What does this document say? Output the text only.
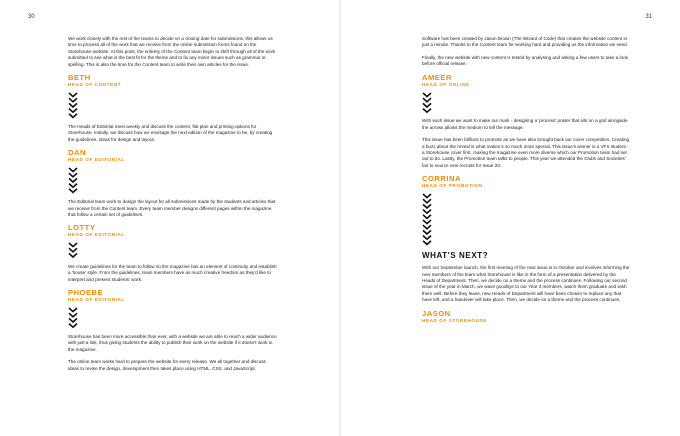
30

We work closely with the rest of the teams to decide on a closing date for submissions, this allows us time to process all of the work that we receive from the online submission forms found on the Storehouse website. At this point, the entirety of the Content team begin to shift through all of the work submitted to see what is the best fit for the theme and to fix any minor issues such as grammar or spelling. This is also the time for the Content team to write their own articles for the issue.

BETH
HEAD OF CONTENT

The Heads of Editorial meet weekly and discuss the content, flat plan and printing options for Storehouse. Initially, we discuss how we envisage the next edition of the magazine to be, by creating the guidelines, ideas for design and layout.

DAN
HEAD OF EDITORIAL

The Editorial team work to design the layout for all submissions made by the students and articles that we receive from the Content team. Every team member designs different pages within the magazine that follow a certain set of guidelines.

LOTTY
HEAD OF EDITORIAL

We create guidelines for the team to follow so the magazine has an element of continuity and establish a 'house' style. From the guidelines, team members have as much creative freedom as they'd like to interpret and present students' work.

PHOEBE
HEAD OF EDITORIAL

Storehouse has been more accessible than ever, with a website we are able to reach a wider audience with just a link, thus giving students the ability to publish their work on the website if it doesn't work in the magazine.

The online team works hard to prepare the website for every release. We all together and discuss ideas to revise the design, development then takes place using HTML, CSS, and JavaScript.

31

Software has been created by Jason Brown (The Wizard of Code) that creates the website content in just a minute. Thanks to the Content team for working hard and providing us the information we need.

Finally, the new website with new content is tested by analysing and asking a few users to take a look before official release.

AMEER
HEAD OF ONLINE

With each issue we want to make our mark - designing a 'process' poster that sits on a grid alongside the arrows allows the medium to tell the message.

This issue has been brilliant to promote as we have also brought back our cover competition. Creating a buzz about the reveal is what makes it so much more special. This issue's winner is a VFX student - a Storehouse cover first, making the magazine even more diverse which our Promotion team had set out to do. Lastly, the Promotion team talks to people. This year we attended the Clubs and Societies' fair to source new recruits for Issue 20.

CORRINA
HEAD OF PROMOTION
WHAT'S NEXT?

With our September launch, the first meeting of the next issue is in October and involves informing the new members of the team what Storehouse is like in the form of a presentation delivered by the Heads of Department. Then, we decide on a theme and the process continues. Following our second issue of the year in March, we wave goodbye to our Year 3 members, watch them graduate and wish them well. Before they leave, new Heads of Department will have been chosen to replace any that have left, and a handover will take place. Then, we decide on a theme and the process continues.

JASON
HEAD OF STOREHOUSE
